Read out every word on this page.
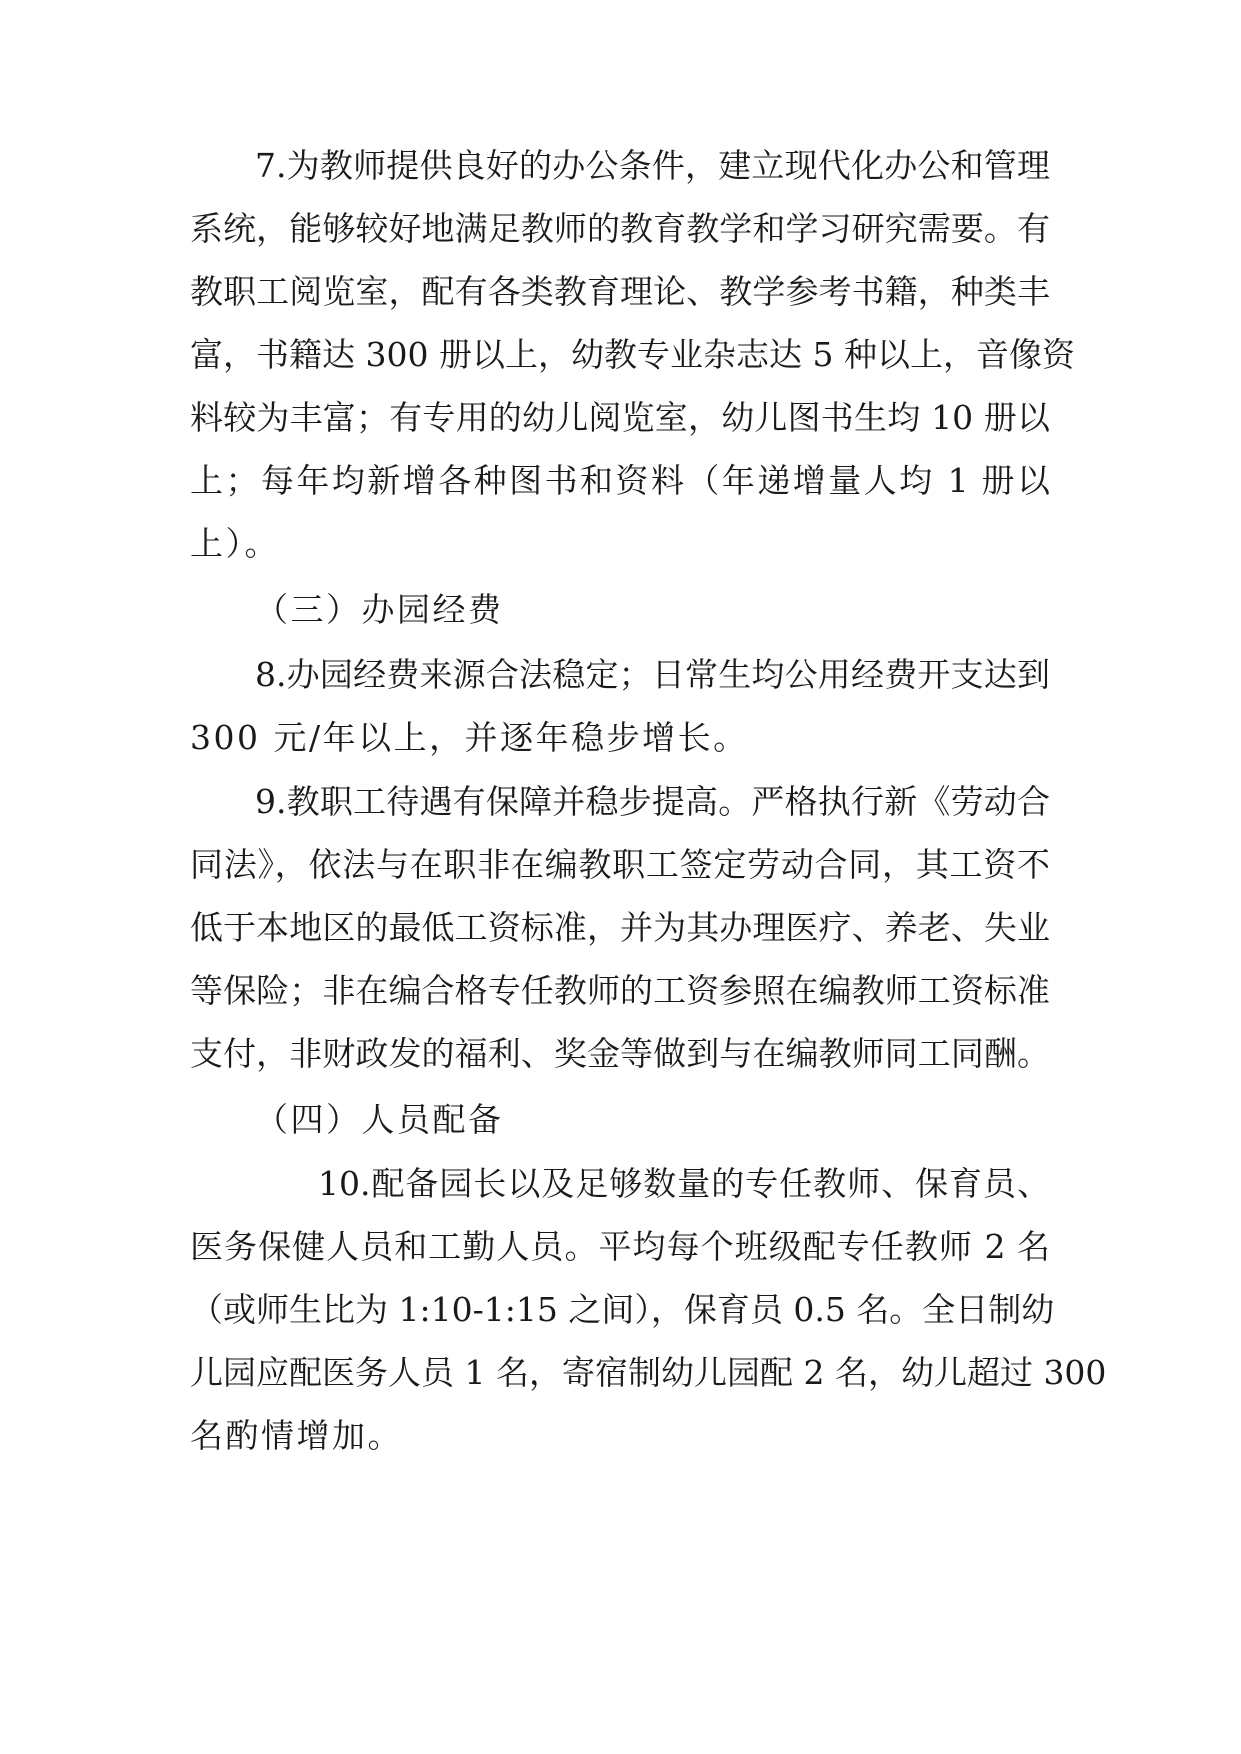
7.为教师提供良好的办公条件，建立现代化办公和管理
系统，能够较好地满足教师的教育教学和学习研究需要。有
教职工阅览室，配有各类教育理论、教学参考书籍，种类丰
富，书籍达 300 册以上，幼教专业杂志达 5 种以上，音像资
料较为丰富；有专用的幼儿阅览室，幼儿图书生均 10 册以
上；每年均新增各种图书和资料（年递增量人均 1 册以
上）。
（三）办园经费
8.办园经费来源合法稳定；日常生均公用经费开支达到
300 元/年以上，并逐年稳步增长。
9.教职工待遇有保障并稳步提高。严格执行新《劳动合
同法》，依法与在职非在编教职工签定劳动合同，其工资不
低于本地区的最低工资标准，并为其办理医疗、养老、失业
等保险；非在编合格专任教师的工资参照在编教师工资标准
支付，非财政发的福利、奖金等做到与在编教师同工同酬。
（四）人员配备
10.配备园长以及足够数量的专任教师、保育员、
医务保健人员和工勤人员。平均每个班级配专任教师 2 名
（或师生比为 1:10-1:15 之间），保育员 0.5 名。全日制幼
儿园应配医务人员 1 名，寄宿制幼儿园配 2 名，幼儿超过 300
名酌情增加。
